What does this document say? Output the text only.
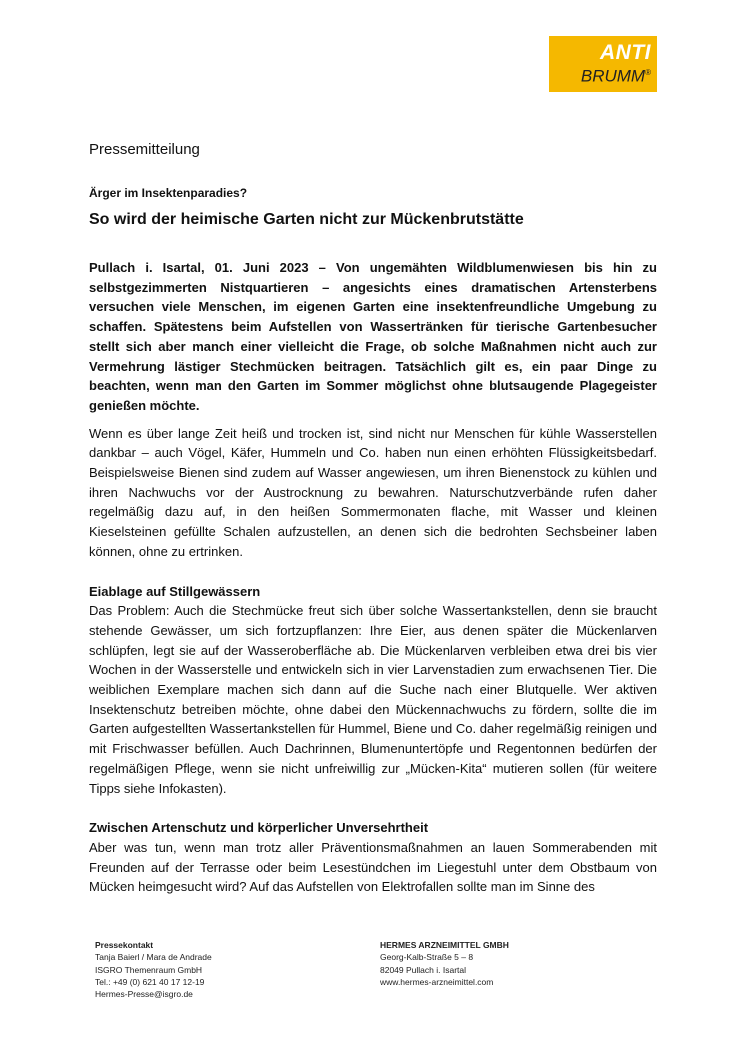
ANTI
BRUMM®
Pressemitteilung
Ärger im Insektenparadies?
So wird der heimische Garten nicht zur Mückenbrutstätte

Pullach i. Isartal, 01. Juni 2023 – Von ungemähten Wildblumenwiesen bis hin zu selbstgezimmerten Nistquartieren – angesichts eines dramatischen Artensterbens versuchen viele Menschen, im eigenen Garten eine insektenfreundliche Umgebung zu schaffen. Spätestens beim Aufstellen von Wassertränken für tierische Gartenbesucher stellt sich aber manch einer vielleicht die Frage, ob solche Maßnahmen nicht auch zur Vermehrung lästiger Stechmücken beitragen. Tatsächlich gilt es, ein paar Dinge zu beachten, wenn man den Garten im Sommer möglichst ohne blutsaugende Plagegeister genießen möchte.

Wenn es über lange Zeit heiß und trocken ist, sind nicht nur Menschen für kühle Wasserstellen dankbar – auch Vögel, Käfer, Hummeln und Co. haben nun einen erhöhten Flüssigkeitsbedarf. Beispielsweise Bienen sind zudem auf Wasser angewiesen, um ihren Bienenstock zu kühlen und ihren Nachwuchs vor der Austrocknung zu bewahren. Naturschutzverbände rufen daher regelmäßig dazu auf, in den heißen Sommermonaten flache, mit Wasser und kleinen Kieselsteinen gefüllte Schalen aufzustellen, an denen sich die bedrohten Sechsbeiner laben können, ohne zu ertrinken.

Eiablage auf Stillgewässern

Das Problem: Auch die Stechmücke freut sich über solche Wassertankstellen, denn sie braucht stehende Gewässer, um sich fortzupflanzen: Ihre Eier, aus denen später die Mückenlarven schlüpfen, legt sie auf der Wasseroberfläche ab. Die Mückenlarven verbleiben etwa drei bis vier Wochen in der Wasserstelle und entwickeln sich in vier Larvenstadien zum erwachsenen Tier. Die weiblichen Exemplare machen sich dann auf die Suche nach einer Blutquelle. Wer aktiven Insektenschutz betreiben möchte, ohne dabei den Mückennachwuchs zu fördern, sollte die im Garten aufgestellten Wassertankstellen für Hummel, Biene und Co. daher regelmäßig reinigen und mit Frischwasser befüllen. Auch Dachrinnen, Blumenuntertöpfe und Regentonnen bedürfen der regelmäßigen Pflege, wenn sie nicht unfreiwillig zur „Mücken-Kita“ mutieren sollen (für weitere Tipps siehe Infokasten).

Zwischen Artenschutz und körperlicher Unversehrtheit

Aber was tun, wenn man trotz aller Präventionsmaßnahmen an lauen Sommerabenden mit Freunden auf der Terrasse oder beim Lesestündchen im Liegestuhl unter dem Obstbaum von Mücken heimgesucht wird? Auf das Aufstellen von Elektrofallen sollte man im Sinne des

Pressekontakt
Tanja Baierl / Mara de Andrade
ISGRO Themenraum GmbH
Tel.: +49 (0) 621 40 17 12-19
Hermes-Presse@isgro.de
HERMES ARZNEIMITTEL GMBH
Georg-Kalb-Straße 5 – 8
82049 Pullach i. Isartal
www.hermes-arzneimittel.com
